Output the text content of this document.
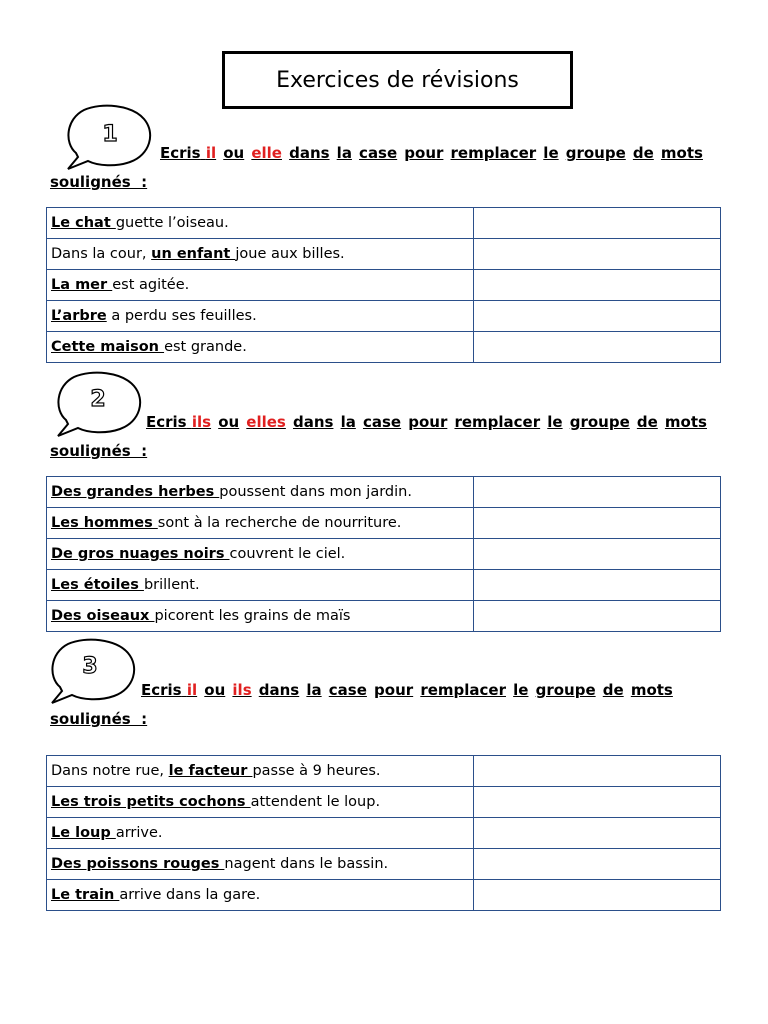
Exercices de révisions
1
Ecris il ou elle dans la case pour remplacer le groupe de mots
soulignés  :
Le chat guette l’oiseau.	
Dans la cour, un enfant joue aux billes.	
La mer est agitée.	
L’arbre a perdu ses feuilles.	
Cette maison est grande.	
2
Ecris ils ou elles dans la case pour remplacer le groupe de mots
soulignés  :
Des grandes herbes poussent dans mon jardin.	
Les hommes sont à la recherche de nourriture.	
De gros nuages noirs couvrent le ciel.	
Les étoiles brillent.	
Des oiseaux picorent les grains de maïs	
3
Ecris il ou ils dans la case pour remplacer le groupe de mots
soulignés  :
Dans notre rue, le facteur passe à 9 heures.	
Les trois petits cochons attendent le loup.	
Le loup arrive.	
Des poissons rouges nagent dans le bassin.	
Le train arrive dans la gare.	
